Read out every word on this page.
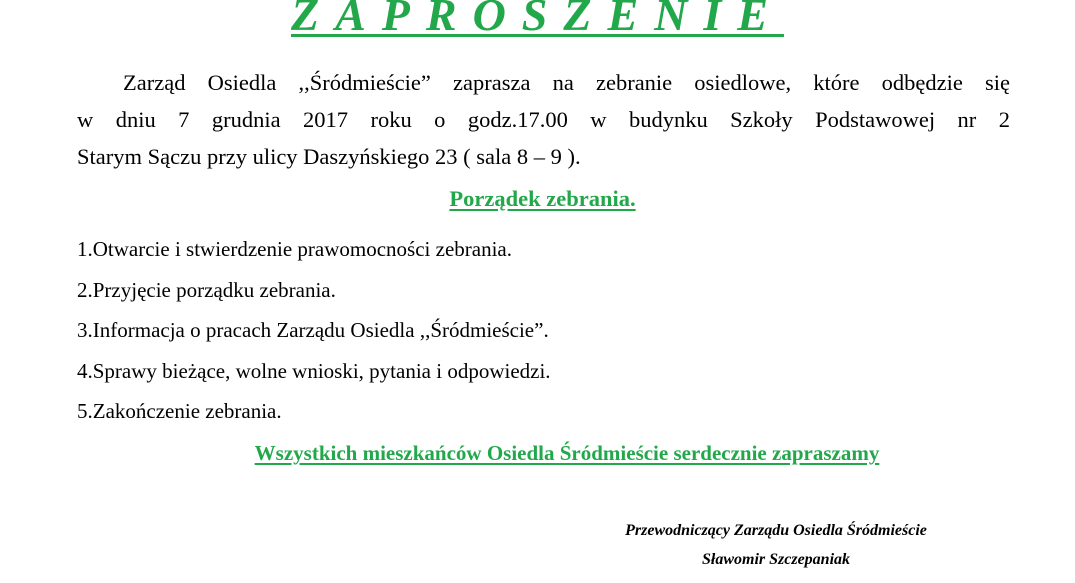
ZAPROSZENIE
Zarząd Osiedla ,,Śródmieście” zaprasza na zebranie osiedlowe, które odbędzie się
w dniu 7 grudnia 2017 roku o godz.17.00 w budynku Szkoły Podstawowej nr 2
Starym Sączu przy ulicy Daszyńskiego 23 ( sala 8 – 9 ).
Porządek zebrania.
1.Otwarcie i stwierdzenie prawomocności zebrania.
2.Przyjęcie porządku zebrania.
3.Informacja o pracach Zarządu Osiedla ,,Śródmieście”.
4.Sprawy bieżące, wolne wnioski, pytania i odpowiedzi.
5.Zakończenie zebrania.
Wszystkich mieszkańców Osiedla Śródmieście serdecznie zapraszamy
Przewodniczący Zarządu Osiedla Śródmieście
Sławomir Szczepaniak
